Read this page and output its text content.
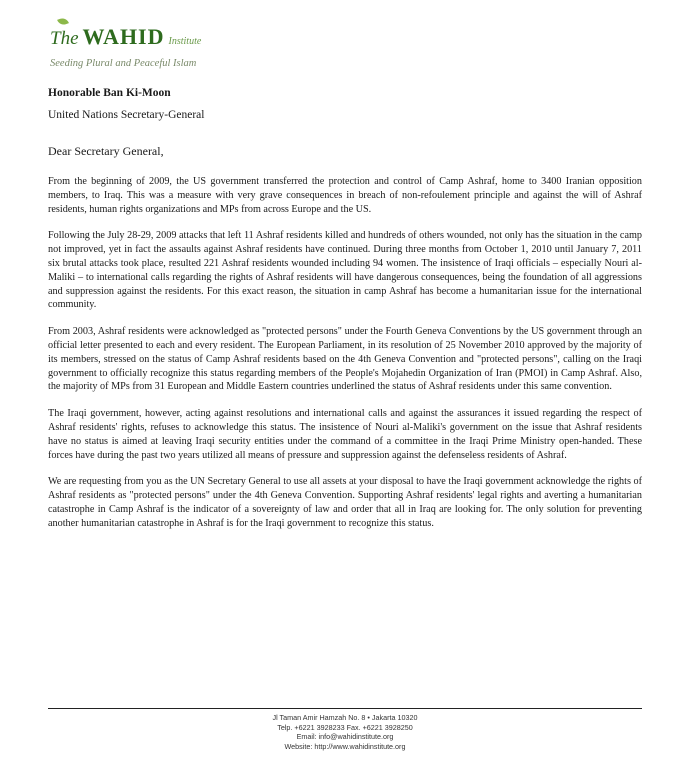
The WAHID Institute
Seeding Plural and Peaceful Islam
Honorable Ban Ki-Moon
United Nations Secretary-General
Dear Secretary General,

From the beginning of 2009, the US government transferred the protection and control of Camp Ashraf, home to 3400 Iranian opposition members, to Iraq. This was a measure with very grave consequences in breach of non-refoulement principle and against the will of Ashraf residents, human rights organizations and MPs from across Europe and the US.

Following the July 28-29, 2009 attacks that left 11 Ashraf residents killed and hundreds of others wounded, not only has the situation in the camp not improved, yet in fact the assaults against Ashraf residents have continued. During three months from October 1, 2010 until January 7, 2011 six brutal attacks took place, resulted 221 Ashraf residents wounded including 94 women. The insistence of Iraqi officials – especially Nouri al-Maliki – to international calls regarding the rights of Ashraf residents will have dangerous consequences, being the foundation of all aggressions and suppression against the residents. For this exact reason, the situation in camp Ashraf has become a humanitarian issue for the international community.

From 2003, Ashraf residents were acknowledged as "protected persons" under the Fourth Geneva Conventions by the US government through an official letter presented to each and every resident. The European Parliament, in its resolution of 25 November 2010 approved by the majority of its members, stressed on the status of Camp Ashraf residents based on the 4th Geneva Convention and "protected persons", calling on the Iraqi government to officially recognize this status regarding members of the People's Mojahedin Organization of Iran (PMOI) in Camp Ashraf. Also, the majority of MPs from 31 European and Middle Eastern countries underlined the status of Ashraf residents under this same convention.

The Iraqi government, however, acting against resolutions and international calls and against the assurances it issued regarding the respect of Ashraf residents' rights, refuses to acknowledge this status. The insistence of Nouri al-Maliki's government on the issue that Ashraf residents have no status is aimed at leaving Iraqi security entities under the command of a committee in the Iraqi Prime Ministry open-handed. These forces have during the past two years utilized all means of pressure and suppression against the defenseless residents of Ashraf.

We are requesting from you as the UN Secretary General to use all assets at your disposal to have the Iraqi government acknowledge the rights of Ashraf residents as "protected persons" under the 4th Geneva Convention. Supporting Ashraf residents' legal rights and averting a humanitarian catastrophe in Camp Ashraf is the indicator of a sovereignty of law and order that all in Iraq are looking for. The only solution for preventing another humanitarian catastrophe in Ashraf is for the Iraqi government to recognize this status.

Jl Taman Amir Hamzah No. 8 • Jakarta 10320
Telp. +6221 3928233 Fax. +6221 3928250
Email: info@wahidinstitute.org
Website: http://www.wahidinstitute.org
